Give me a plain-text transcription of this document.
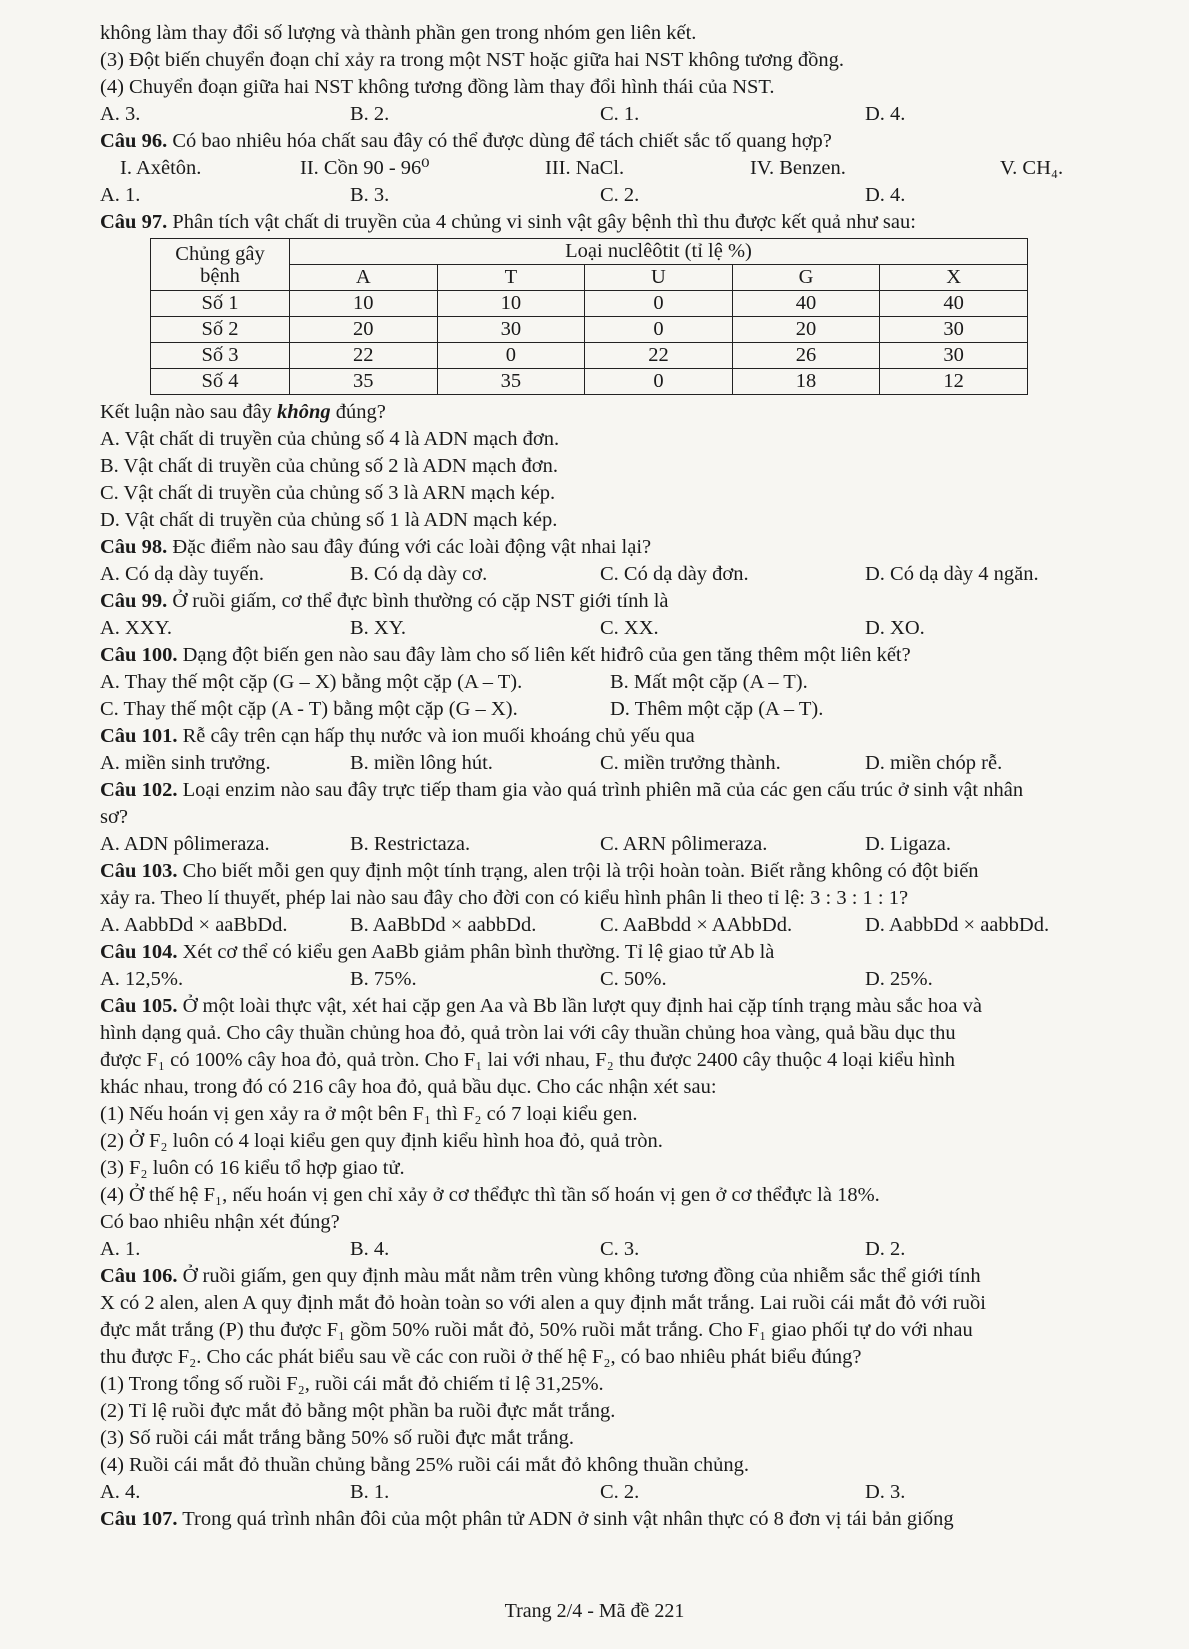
không làm thay đổi số lượng và thành phần gen trong nhóm gen liên kết.
(3) Đột biến chuyển đoạn chỉ xảy ra trong một NST hoặc giữa hai NST không tương đồng.
(4) Chuyển đoạn giữa hai NST không tương đồng làm thay đổi hình thái của NST.
A. 3.	B. 2.	C. 1.	D. 4.
Câu 96. Có bao nhiêu hóa chất sau đây có thể được dùng để tách chiết sắc tố quang hợp?
I. Axêtôn.	II. Cồn 90 - 96⁰	III. NaCl.	IV. Benzen.	V. CH₄.
A. 1.	B. 3.	C. 2.	D. 4.
Câu 97. Phân tích vật chất di truyền của 4 chủng vi sinh vật gây bệnh thì thu được kết quả như sau:
Chủng gây bệnh	Loại nuclêôtit (tỉ lệ %)				
	A	T	U	G	X
Số 1	10	10	0	40	40
Số 2	20	30	0	20	30
Số 3	22	0	22	26	30
Số 4	35	35	0	18	12
Kết luận nào sau đây không đúng?
A. Vật chất di truyền của chủng số 4 là ADN mạch đơn.
B. Vật chất di truyền của chủng số 2 là ADN mạch đơn.
C. Vật chất di truyền của chủng số 3 là ARN mạch kép.
D. Vật chất di truyền của chủng số 1 là ADN mạch kép.
Câu 98. Đặc điểm nào sau đây đúng với các loài động vật nhai lại?
A. Có dạ dày tuyến.	B. Có dạ dày cơ.	C. Có dạ dày đơn.	D. Có dạ dày 4 ngăn.
Câu 99. Ở ruồi giấm, cơ thể đực bình thường có cặp NST giới tính là
A. XXY.	B. XY.	C. XX.	D. XO.
Câu 100. Dạng đột biến gen nào sau đây làm cho số liên kết hiđrô của gen tăng thêm một liên kết?
A. Thay thế một cặp (G – X) bằng một cặp (A – T).	B. Mất một cặp (A – T).
C. Thay thế một cặp (A - T) bằng một cặp (G – X).	D. Thêm một cặp (A – T).
Câu 101. Rễ cây trên cạn hấp thụ nước và ion muối khoáng chủ yếu qua
A. miền sinh trưởng.	B. miền lông hút.	C. miền trưởng thành.	D. miền chóp rễ.
Câu 102. Loại enzim nào sau đây trực tiếp tham gia vào quá trình phiên mã của các gen cấu trúc ở sinh vật nhân
sơ?
A. ADN pôlimeraza.	B. Restrictaza.	C. ARN pôlimeraza.	D. Ligaza.
Câu 103. Cho biết mỗi gen quy định một tính trạng, alen trội là trội hoàn toàn. Biết rằng không có đột biến
xảy ra. Theo lí thuyết, phép lai nào sau đây cho đời con có kiểu hình phân li theo tỉ lệ: 3 : 3 : 1 : 1?
A. AabbDd × aaBbDd.	B. AaBbDd × aabbDd.	C. AaBbdd × AAbbDd.	D. AabbDd × aabbDd.
Câu 104. Xét cơ thể có kiểu gen AaBb giảm phân bình thường. Tỉ lệ giao tử Ab là
A. 12,5%.	B. 75%.	C. 50%.	D. 25%.
Câu 105. Ở một loài thực vật, xét hai cặp gen Aa và Bb lần lượt quy định hai cặp tính trạng màu sắc hoa và
hình dạng quả. Cho cây thuần chủng hoa đỏ, quả tròn lai với cây thuần chủng hoa vàng, quả bầu dục thu
được F₁ có 100% cây hoa đỏ, quả tròn. Cho F₁ lai với nhau, F₂ thu được 2400 cây thuộc 4 loại kiểu hình
khác nhau, trong đó có 216 cây hoa đỏ, quả bầu dục. Cho các nhận xét sau:
(1) Nếu hoán vị gen xảy ra ở một bên F₁ thì F₂ có 7 loại kiểu gen.
(2) Ở F₂ luôn có 4 loại kiểu gen quy định kiểu hình hoa đỏ, quả tròn.
(3) F₂ luôn có 16 kiểu tổ hợp giao tử.
(4) Ở thế hệ F₁, nếu hoán vị gen chỉ xảy ở cơ thểđực thì tần số hoán vị gen ở cơ thểđực là 18%.
Có bao nhiêu nhận xét đúng?
A. 1.	B. 4.	C. 3.	D. 2.
Câu 106. Ở ruồi giấm, gen quy định màu mắt nằm trên vùng không tương đồng của nhiễm sắc thể giới tính
X có 2 alen, alen A quy định mắt đỏ hoàn toàn so với alen a quy định mắt trắng. Lai ruồi cái mắt đỏ với ruồi
đực mắt trắng (P) thu được F₁ gồm 50% ruồi mắt đỏ, 50% ruồi mắt trắng. Cho F₁ giao phối tự do với nhau
thu được F₂. Cho các phát biểu sau về các con ruồi ở thế hệ F₂, có bao nhiêu phát biểu đúng?
(1) Trong tổng số ruồi F₂, ruồi cái mắt đỏ chiếm tỉ lệ 31,25%.
(2) Tỉ lệ ruồi đực mắt đỏ bằng một phần ba ruồi đực mắt trắng.
(3) Số ruồi cái mắt trắng bằng 50% số ruồi đực mắt trắng.
(4) Ruồi cái mắt đỏ thuần chủng bằng 25% ruồi cái mắt đỏ không thuần chủng.
A. 4.	B. 1.	C. 2.	D. 3.
Câu 107. Trong quá trình nhân đôi của một phân tử ADN ở sinh vật nhân thực có 8 đơn vị tái bản giống
Trang 2/4 - Mã đề 221
